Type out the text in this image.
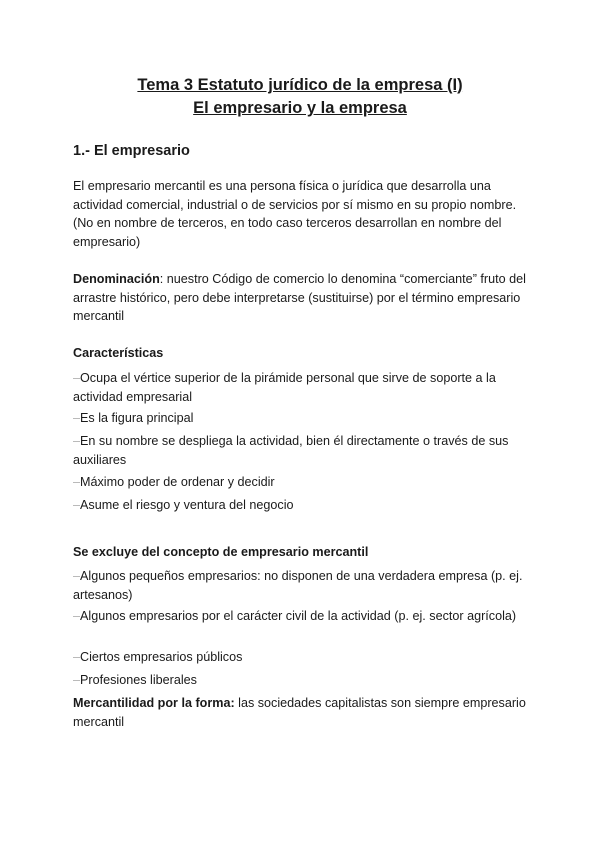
Tema 3 Estatuto jurídico de la empresa (I)
El empresario y la empresa
1.- El empresario
El empresario mercantil es una persona física o jurídica que desarrolla una actividad comercial, industrial o de servicios por sí mismo en su propio nombre. (No en nombre de terceros, en todo caso terceros desarrollan en nombre del empresario)
Denominación: nuestro Código de comercio lo denomina “comerciante” fruto del arrastre histórico, pero debe interpretarse (sustituirse) por el término empresario mercantil
Características
–Ocupa el vértice superior de la pirámide personal que sirve de soporte a la actividad empresarial
–Es la figura principal
–En su nombre se despliega la actividad, bien él directamente o través de sus auxiliares
–Máximo poder de ordenar y decidir
–Asume el riesgo y ventura del negocio
Se excluye del concepto de empresario mercantil
–Algunos pequeños empresarios: no disponen de una verdadera empresa (p. ej. artesanos)
–Algunos empresarios por el carácter civil de la actividad (p. ej. sector agrícola)
–Ciertos empresarios públicos
–Profesiones liberales
Mercantilidad por la forma: las sociedades capitalistas son siempre empresario mercantil
